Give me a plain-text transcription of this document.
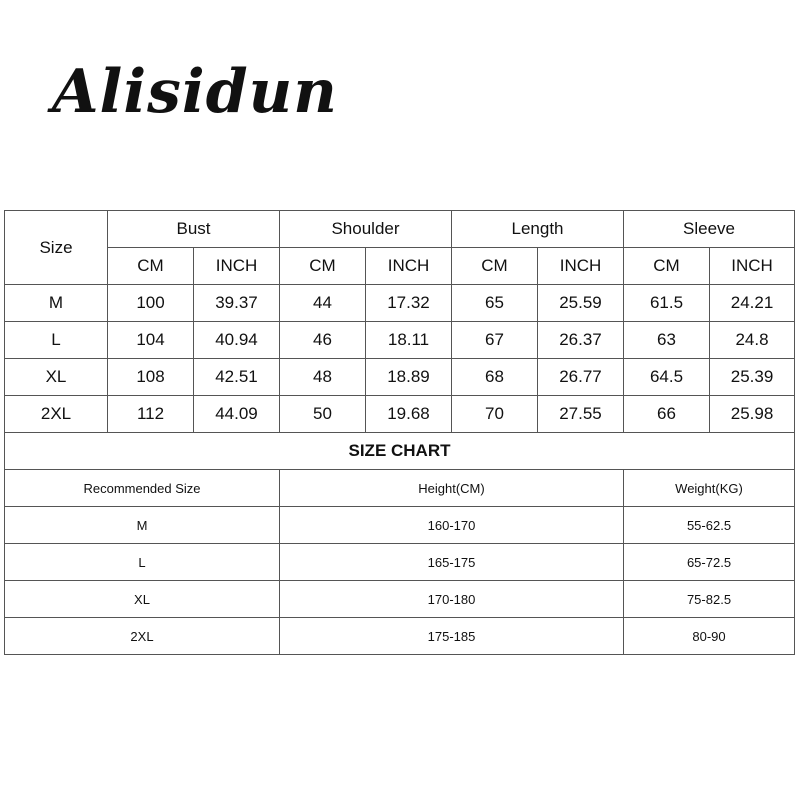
Alisidun
Size	Bust		Shoulder		Length		Sleeve	
	CM	INCH	CM	INCH	CM	INCH	CM	INCH
M	100	39.37	44	17.32	65	25.59	61.5	24.21
L	104	40.94	46	18.11	67	26.37	63	24.8
XL	108	42.51	48	18.89	68	26.77	64.5	25.39
2XL	112	44.09	50	19.68	70	27.55	66	25.98
SIZE CHART								
Recommended Size	Height(CM)	Weight(KG)
M	160-170	55-62.5
L	165-175	65-72.5
XL	170-180	75-82.5
2XL	175-185	80-90
